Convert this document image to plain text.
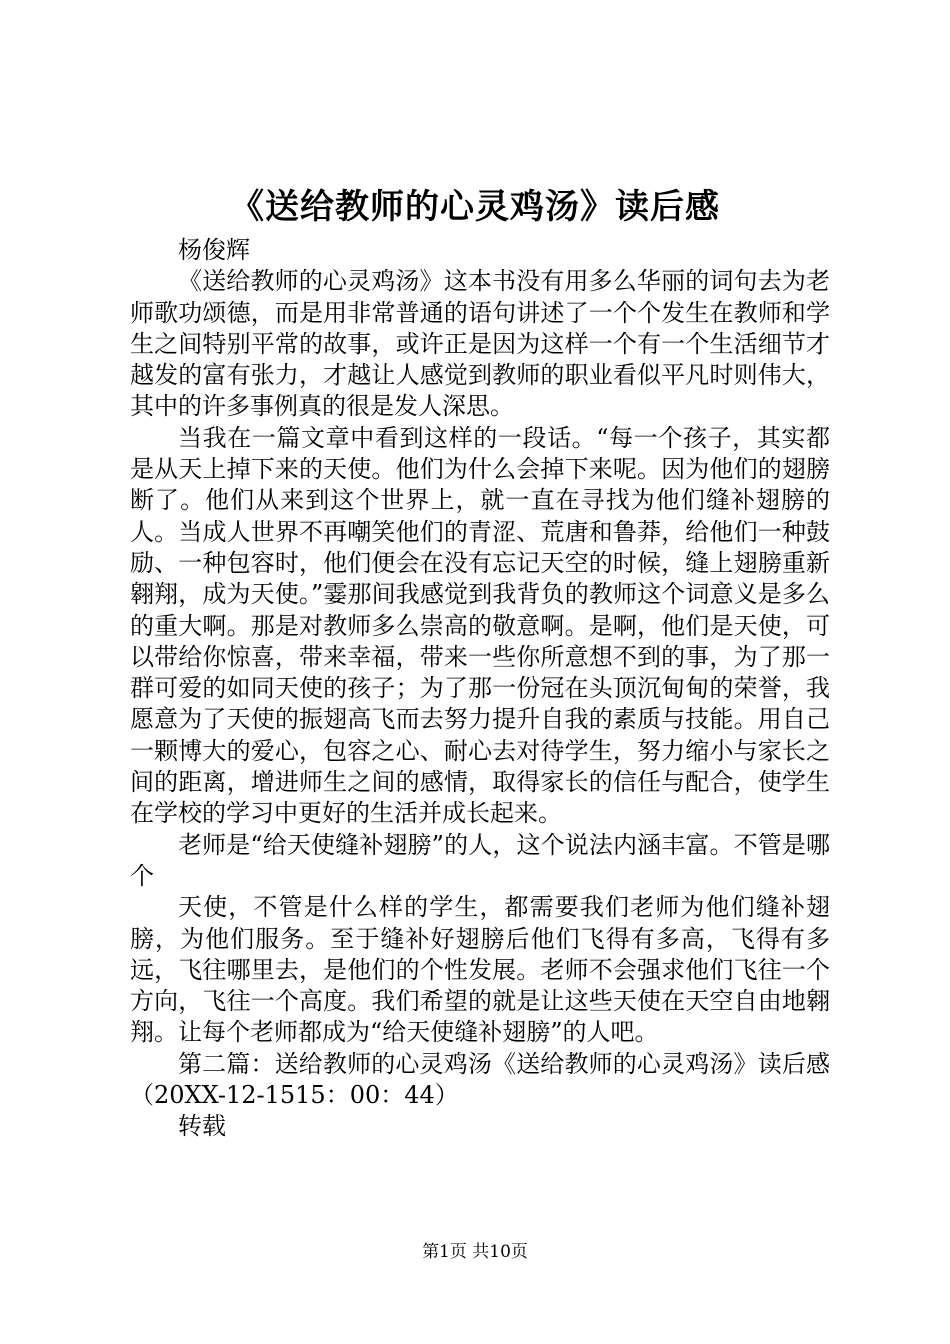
《送给教师的心灵鸡汤》读后感

杨俊辉

《送给教师的心灵鸡汤》这本书没有用多么华丽的词句去为老师歌功颂德，而是用非常普通的语句讲述了一个个发生在教师和学生之间特别平常的故事，或许正是因为这样一个有一个生活细节才越发的富有张力，才越让人感觉到教师的职业看似平凡时则伟大，其中的许多事例真的很是发人深思。

当我在一篇文章中看到这样的一段话。“每一个孩子，其实都是从天上掉下来的天使。他们为什么会掉下来呢。因为他们的翅膀断了。他们从来到这个世界上，就一直在寻找为他们缝补翅膀的人。当成人世界不再嘲笑他们的青涩、荒唐和鲁莽，给他们一种鼓励、一种包容时，他们便会在没有忘记天空的时候，缝上翅膀重新翱翔，成为天使。”霎那间我感觉到我背负的教师这个词意义是多么的重大啊。那是对教师多么崇高的敬意啊。是啊，他们是天使，可以带给你惊喜，带来幸福，带来一些你所意想不到的事，为了那一群可爱的如同天使的孩子；为了那一份冠在头顶沉甸甸的荣誉，我愿意为了天使的振翅高飞而去努力提升自我的素质与技能。用自己一颗博大的爱心，包容之心、耐心去对待学生，努力缩小与家长之间的距离，增进师生之间的感情，取得家长的信任与配合，使学生在学校的学习中更好的生活并成长起来。

老师是“给天使缝补翅膀”的人，这个说法内涵丰富。不管是哪个

天使，不管是什么样的学生，都需要我们老师为他们缝补翅膀，为他们服务。至于缝补好翅膀后他们飞得有多高，飞得有多远，飞往哪里去，是他们的个性发展。老师不会强求他们飞往一个方向，飞往一个高度。我们希望的就是让这些天使在天空自由地翱翔。让每个老师都成为“给天使缝补翅膀”的人吧。

第二篇：送给教师的心灵鸡汤《送给教师的心灵鸡汤》读后感（20XX-12-1515：00：44）

转载

第1页 共10页
